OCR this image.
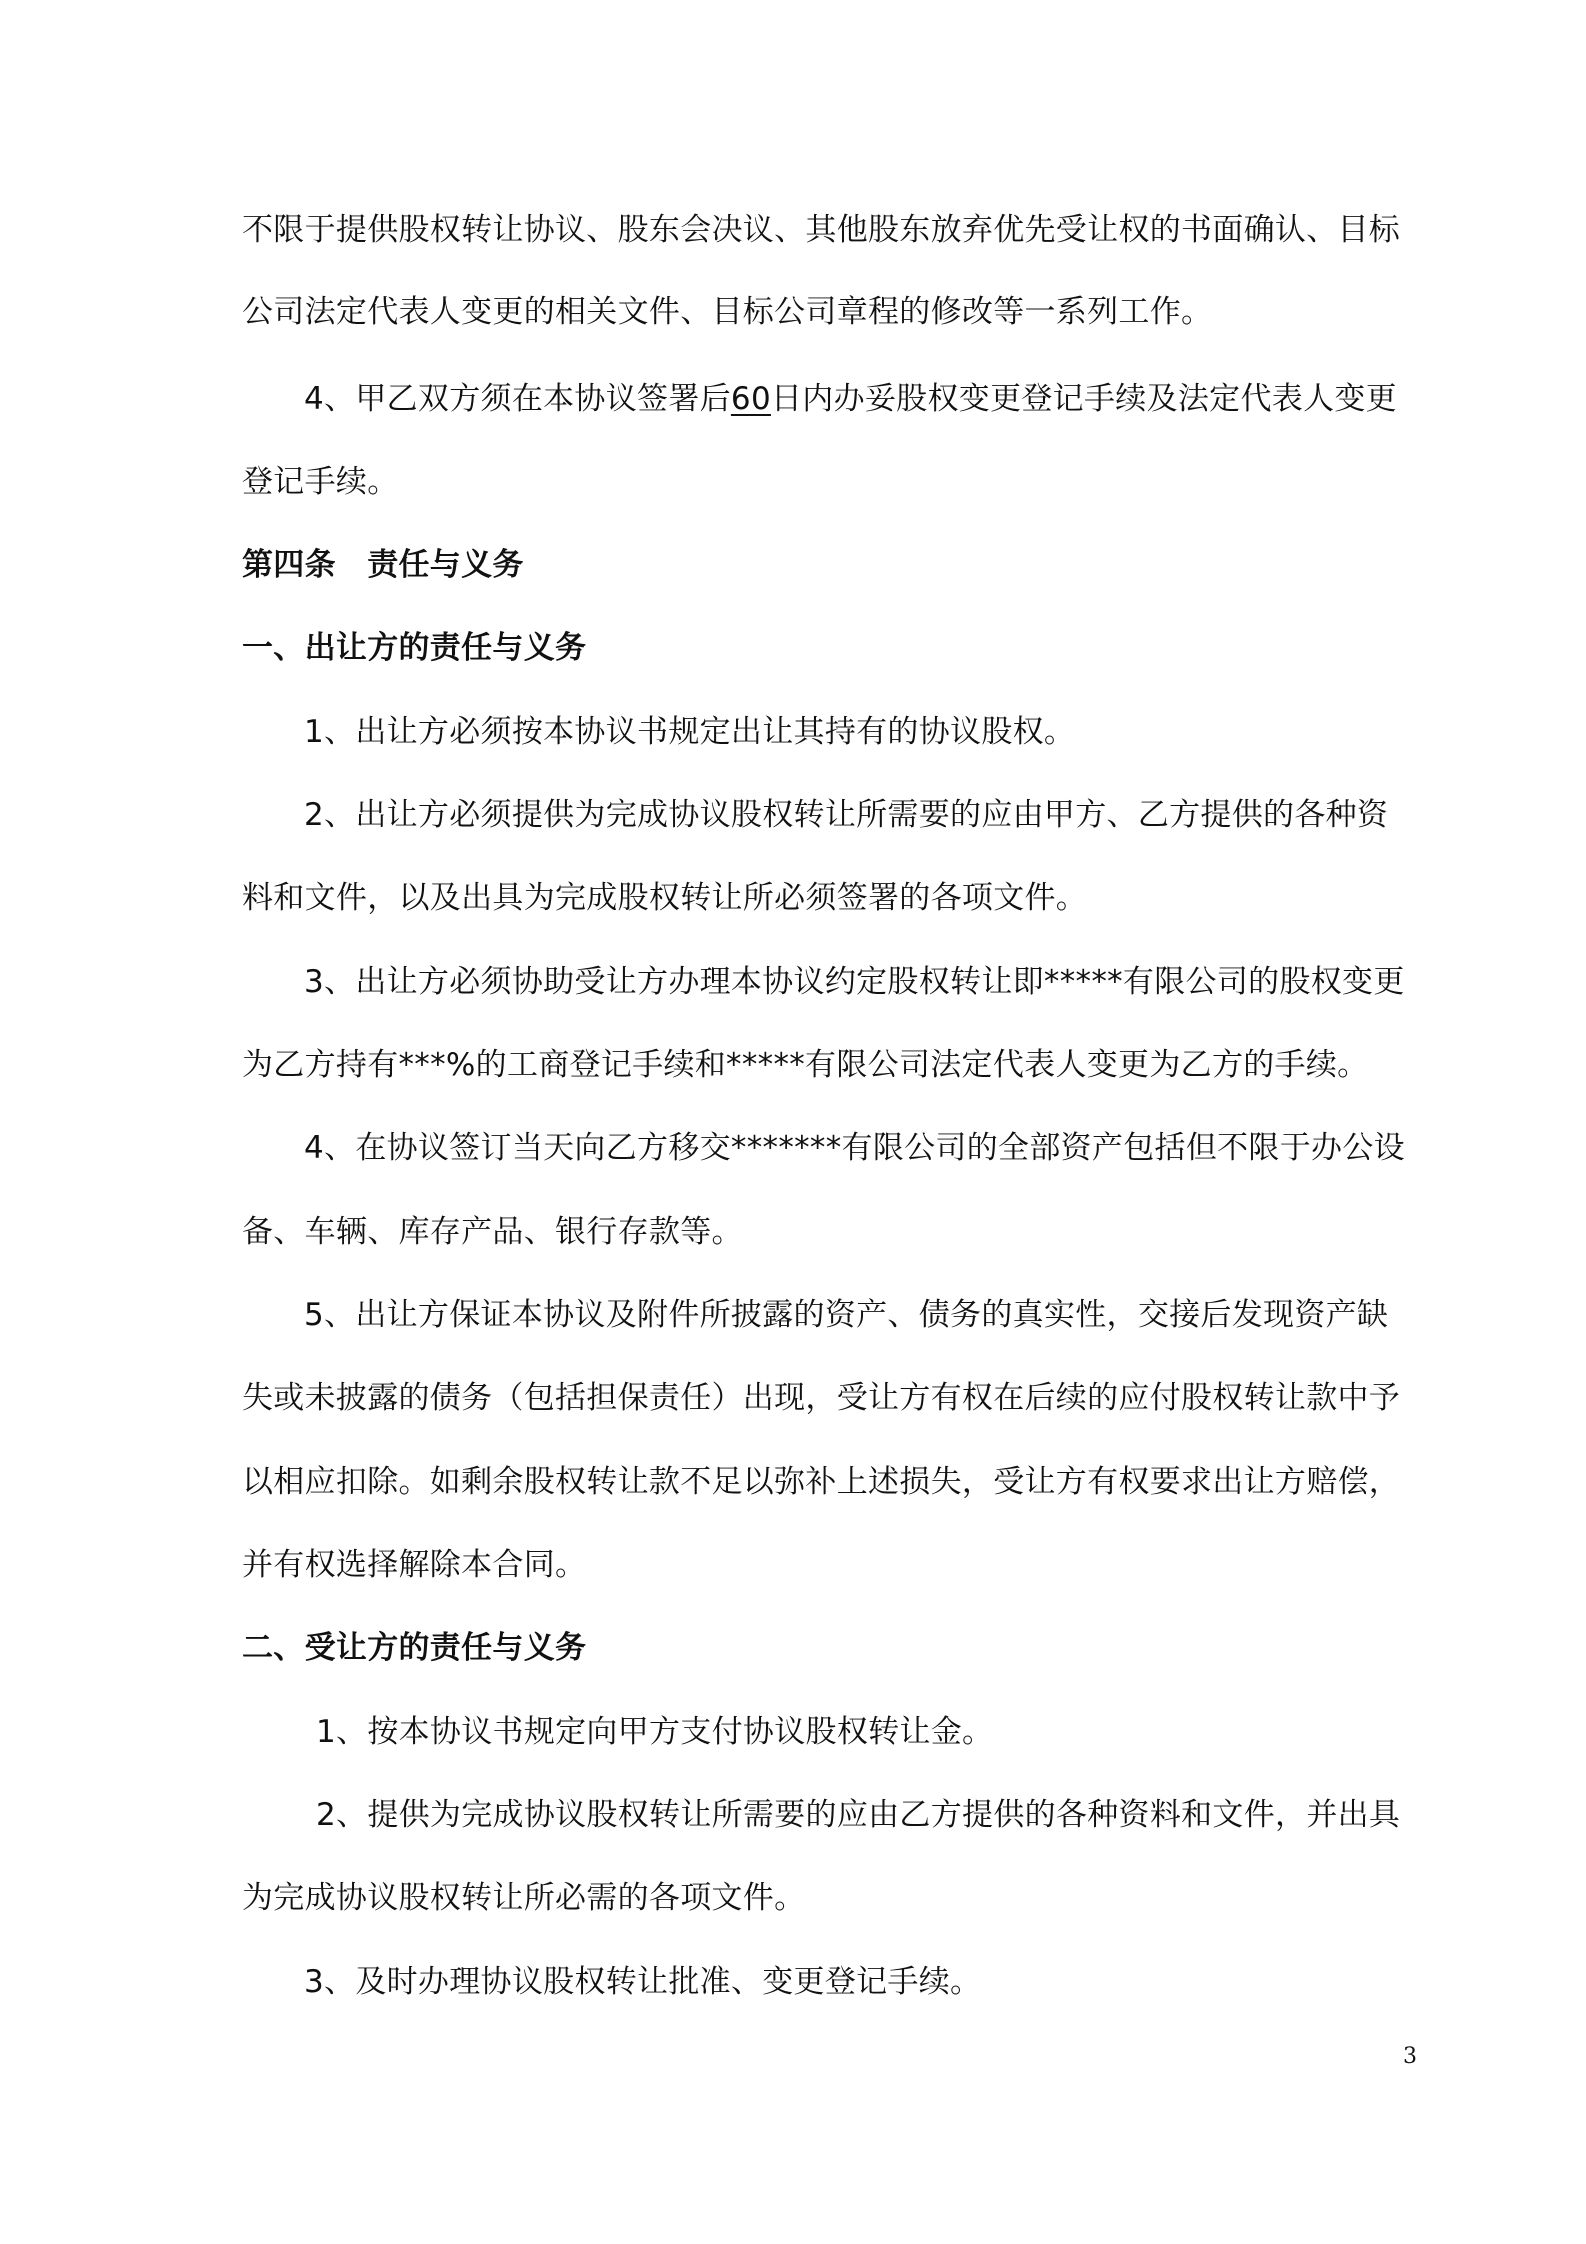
不限于提供股权转让协议、股东会决议、其他股东放弃优先受让权的书面确认、目标
公司法定代表人变更的相关文件、目标公司章程的修改等一系列工作。
4、甲乙双方须在本协议签署后60日内办妥股权变更登记手续及法定代表人变更
登记手续。
第四条　责任与义务
一、出让方的责任与义务
1、出让方必须按本协议书规定出让其持有的协议股权。
2、出让方必须提供为完成协议股权转让所需要的应由甲方、乙方提供的各种资
料和文件，以及出具为完成股权转让所必须签署的各项文件。
3、出让方必须协助受让方办理本协议约定股权转让即*****有限公司的股权变更
为乙方持有***%的工商登记手续和*****有限公司法定代表人变更为乙方的手续。
4、在协议签订当天向乙方移交*******有限公司的全部资产包括但不限于办公设
备、车辆、库存产品、银行存款等。
5、出让方保证本协议及附件所披露的资产、债务的真实性，交接后发现资产缺
失或未披露的债务（包括担保责任）出现，受让方有权在后续的应付股权转让款中予
以相应扣除。如剩余股权转让款不足以弥补上述损失，受让方有权要求出让方赔偿，
并有权选择解除本合同。
二、受让方的责任与义务
1、按本协议书规定向甲方支付协议股权转让金。
2、提供为完成协议股权转让所需要的应由乙方提供的各种资料和文件，并出具
为完成协议股权转让所必需的各项文件。
3、及时办理协议股权转让批准、变更登记手续。
3
